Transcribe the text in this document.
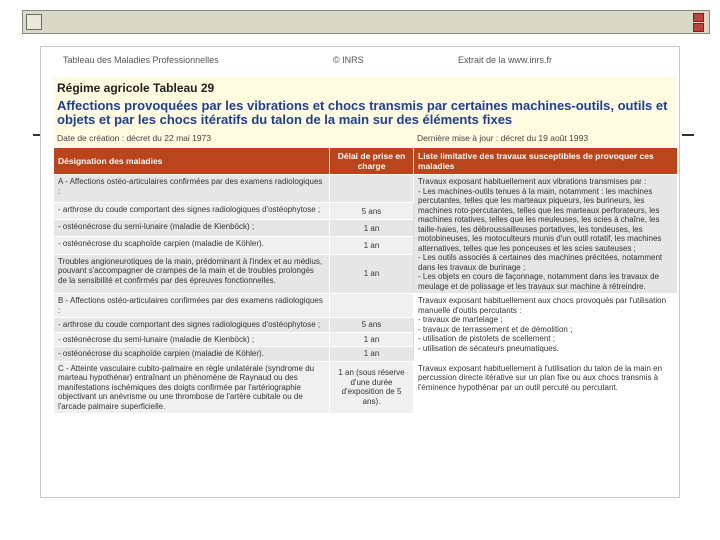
Tableau des Maladies Professionnelles	© INRS	Extrait de la www.inrs.fr
Régime agricole Tableau 29
Affections provoquées par les vibrations et chocs transmis par certaines machines-outils, outils et objets et par les chocs itératifs du talon de la main sur des éléments fixes
Date de création : décret du 22 mai 1973	Dernière mise à jour : décret du 19 août 1993
Désignation des maladies	Délai de prise en charge	Liste limitative des travaux susceptibles de provoquer ces maladies
A - Affections ostéo-articulaires confirmées par des examens radiologiques :		Travaux exposant habituellement aux vibrations transmises par :
- Les machines-outils tenues à la main, notamment : les machines percutantes, telles que les marteaux piqueurs, les burineurs, les machines roto-percutantes, telles que les marteaux perforateurs, les machines rotatives, telles que les meuleuses, les scies à chaîne, les taille-haies, les débroussailleuses portatives, les tondeuses, les motobineuses, les motoculteurs munis d'un outil rotatif, les machines alternatives, telles que les ponceuses et les scies sauteuses ;
- Les outils associés à certaines des machines précitées, notamment dans les travaux de burinage ;
- Les objets en cours de façonnage, notamment dans les travaux de meulage et de polissage et les travaux sur machine à rétreindre.

- arthrose du coude comportant des signes radiologiques d'ostéophytose ;	5 ans	
- ostéonécrose du semi-lunaire (maladie de Kienböck) ;	1 an	
- ostéonécrose du scaphoïde carpien (maladie de Köhler).	1 an	
Troubles angioneurotiques de la main, prédominant à l'index et au médius, pouvant s'accompagner de crampes de la main et de troubles prolongés de la sensibilité et confirmés par des épreuves fonctionnelles.	1 an	
B - Affections ostéo-articulaires confirmées par des examens radiologiques :		Travaux exposant habituellement aux chocs provoqués par l'utilisation manuelle d'outils percutants :
- travaux de martelage ;
- travaux de terrassement et de démolition ;
- utilisation de pistolets de scellement ;
- utilisation de sécateurs pneumatiques.

- arthrose du coude comportant des signes radiologiques d'ostéophytose ;	5 ans	
- ostéonécrose du semi-lunaire (maladie de Kienböck) ;	1 an	
- ostéonécrose du scaphoïde carpien (maladie de Köhler).	1 an	
C - Atteinte vasculaire cubito-palmaire en règle unilatérale (syndrome du marteau hypothénar) entraînant un phénomène de Raynaud ou des manifestations ischémiques des doigts confirmée par l'artériographie objectivant un anévrisme ou une thrombose de l'artère cubitale ou de l'arcade palmaire superficielle.	1 an (sous réserve d'une durée d'exposition de 5 ans).	Travaux exposant habituellement à l'utilisation du talon de la main en percussion directe itérative sur un plan fixe ou aux chocs transmis à l'éminence hypothénar par un outil percuté ou percutant.
